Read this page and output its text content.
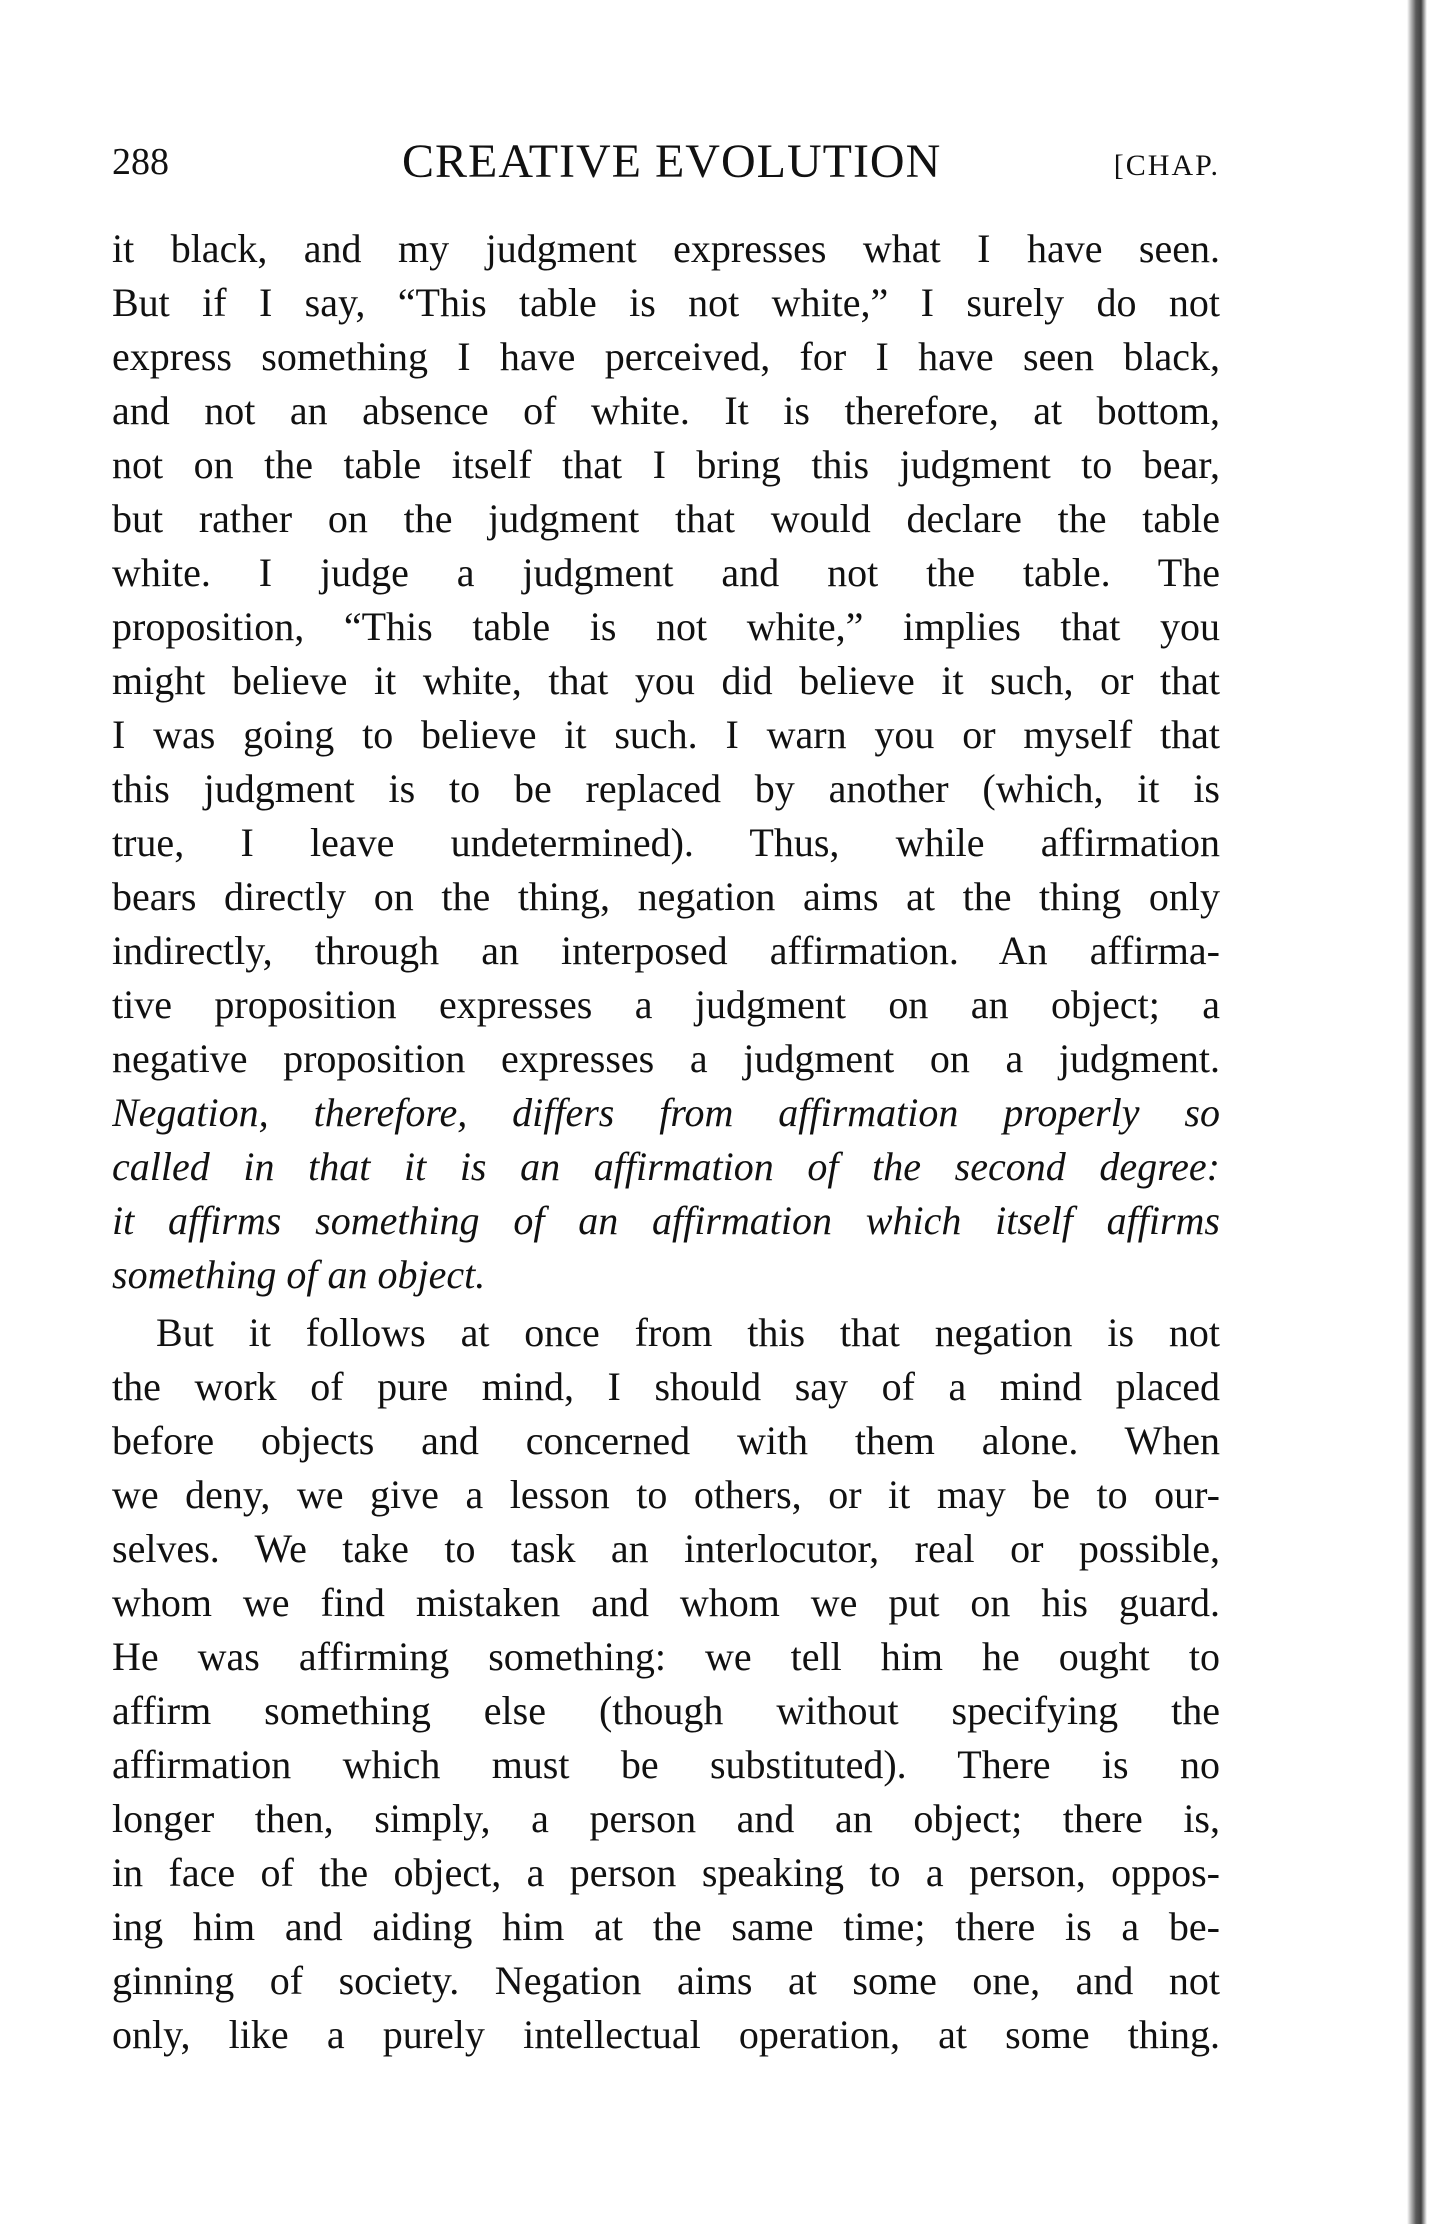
288	CREATIVE EVOLUTION	[CHAP.
it black, and my judgment expresses what I have seen.
But if I say, “This table is not white,” I surely do not
express something I have perceived, for I have seen black,
and not an absence of white. It is therefore, at bottom,
not on the table itself that I bring this judgment to bear,
but rather on the judgment that would declare the table
white. I judge a judgment and not the table. The
proposition, “This table is not white,” implies that you
might believe it white, that you did believe it such, or that
I was going to believe it such. I warn you or myself that
this judgment is to be replaced by another (which, it is
true, I leave undetermined). Thus, while affirmation
bears directly on the thing, negation aims at the thing only
indirectly, through an interposed affirmation. An affirma-
tive proposition expresses a judgment on an object; a
negative proposition expresses a judgment on a judgment.
Negation, therefore, differs from affirmation properly so
called in that it is an affirmation of the second degree:
it affirms something of an affirmation which itself affirms
something of an object.
But it follows at once from this that negation is not
the work of pure mind, I should say of a mind placed
before objects and concerned with them alone. When
we deny, we give a lesson to others, or it may be to our-
selves. We take to task an interlocutor, real or possible,
whom we find mistaken and whom we put on his guard.
He was affirming something: we tell him he ought to
affirm something else (though without specifying the
affirmation which must be substituted). There is no
longer then, simply, a person and an object; there is,
in face of the object, a person speaking to a person, oppos-
ing him and aiding him at the same time; there is a be-
ginning of society. Negation aims at some one, and not
only, like a purely intellectual operation, at some thing.
